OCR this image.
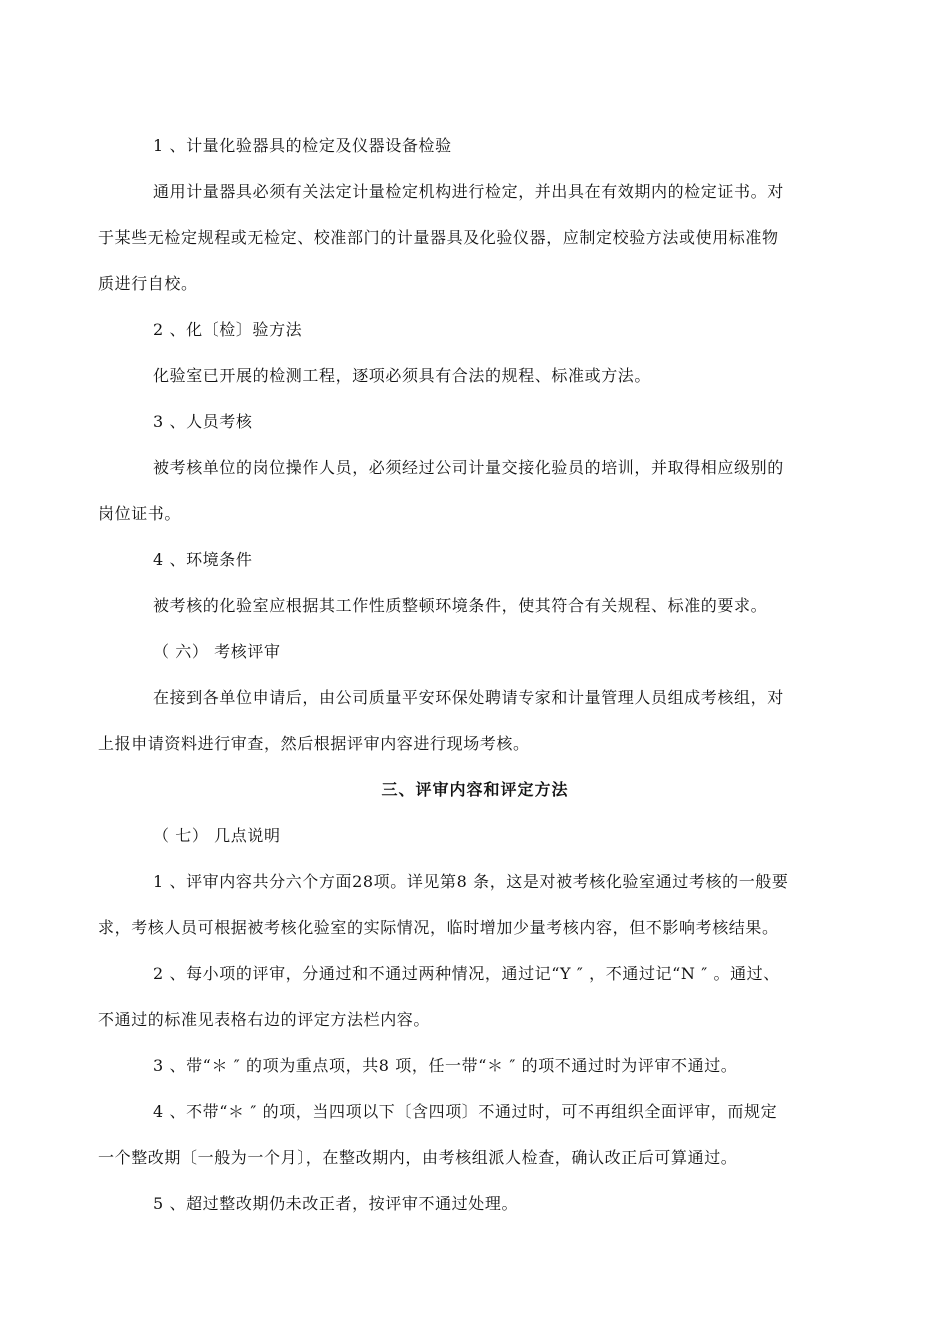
1 、计量化验器具的检定及仪器设备检验
通用计量器具必须有关法定计量检定机构进行检定，并出具在有效期内的检定证书。对
于某些无检定规程或无检定、校准部门的计量器具及化验仪器，应制定校验方法或使用标准物
质进行自校。
2 、化〔检〕验方法
化验室已开展的检测工程，逐项必须具有合法的规程、标准或方法。
3 、人员考核
被考核单位的岗位操作人员，必须经过公司计量交接化验员的培训，并取得相应级别的
岗位证书。
4 、环境条件
被考核的化验室应根据其工作性质整顿环境条件，使其符合有关规程、标准的要求。
（ 六） 考核评审
在接到各单位申请后，由公司质量平安环保处聘请专家和计量管理人员组成考核组，对
上报申请资料进行审查，然后根据评审内容进行现场考核。
三、评审内容和评定方法
（ 七） 几点说明
1 、评审内容共分六个方面28项。详见第8 条，这是对被考核化验室通过考核的一般要
求，考核人员可根据被考核化验室的实际情况，临时增加少量考核内容，但不影响考核结果。
2 、每小项的评审，分通过和不通过两种情况，通过记“Y ″ ，不通过记“N ″ 。通过、
不通过的标准见表格右边的评定方法栏内容。
3 、带“＊ ″ 的项为重点项，共8 项，任一带“＊ ″ 的项不通过时为评审不通过。
4 、不带“＊ ″ 的项，当四项以下〔含四项〕不通过时，可不再组织全面评审，而规定
一个整改期〔一般为一个月〕，在整改期内，由考核组派人检查，确认改正后可算通过。
5 、超过整改期仍未改正者，按评审不通过处理。
